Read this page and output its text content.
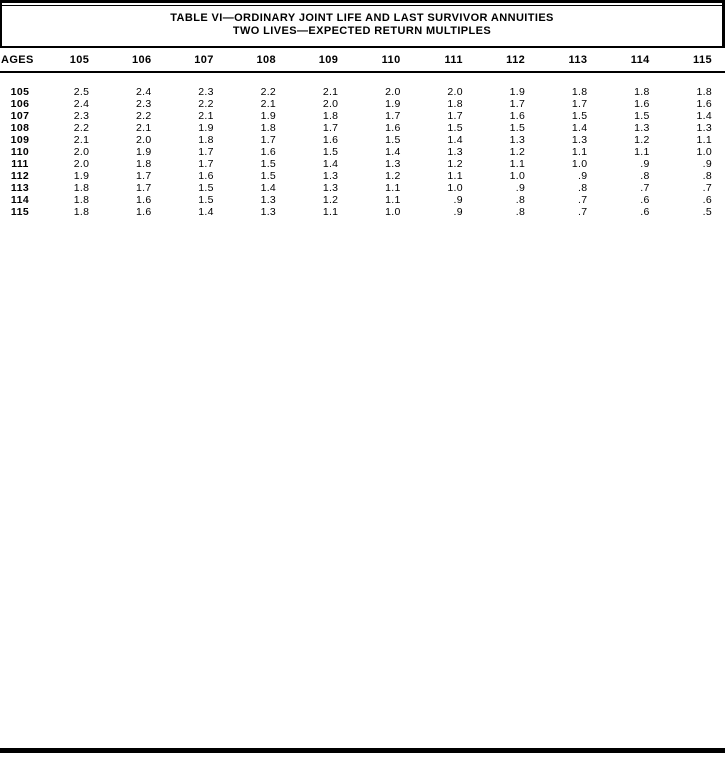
TABLE VI—ORDINARY JOINT LIFE AND LAST SURVIVOR ANNUITIES
TWO LIVES—EXPECTED RETURN MULTIPLES
AGES	105	106	107	108	109	110	111	112	113	114	115
105	2.5	2.4	2.3	2.2	2.1	2.0	2.0	1.9	1.8	1.8	1.8
106	2.4	2.3	2.2	2.1	2.0	1.9	1.8	1.7	1.7	1.6	1.6
107	2.3	2.2	2.1	1.9	1.8	1.7	1.7	1.6	1.5	1.5	1.4
108	2.2	2.1	1.9	1.8	1.7	1.6	1.5	1.5	1.4	1.3	1.3
109	2.1	2.0	1.8	1.7	1.6	1.5	1.4	1.3	1.3	1.2	1.1
110	2.0	1.9	1.7	1.6	1.5	1.4	1.3	1.2	1.1	1.1	1.0
111	2.0	1.8	1.7	1.5	1.4	1.3	1.2	1.1	1.0	.9	.9
112	1.9	1.7	1.6	1.5	1.3	1.2	1.1	1.0	.9	.8	.8
113	1.8	1.7	1.5	1.4	1.3	1.1	1.0	.9	.8	.7	.7
114	1.8	1.6	1.5	1.3	1.2	1.1	.9	.8	.7	.6	.6
115	1.8	1.6	1.4	1.3	1.1	1.0	.9	.8	.7	.6	.5
